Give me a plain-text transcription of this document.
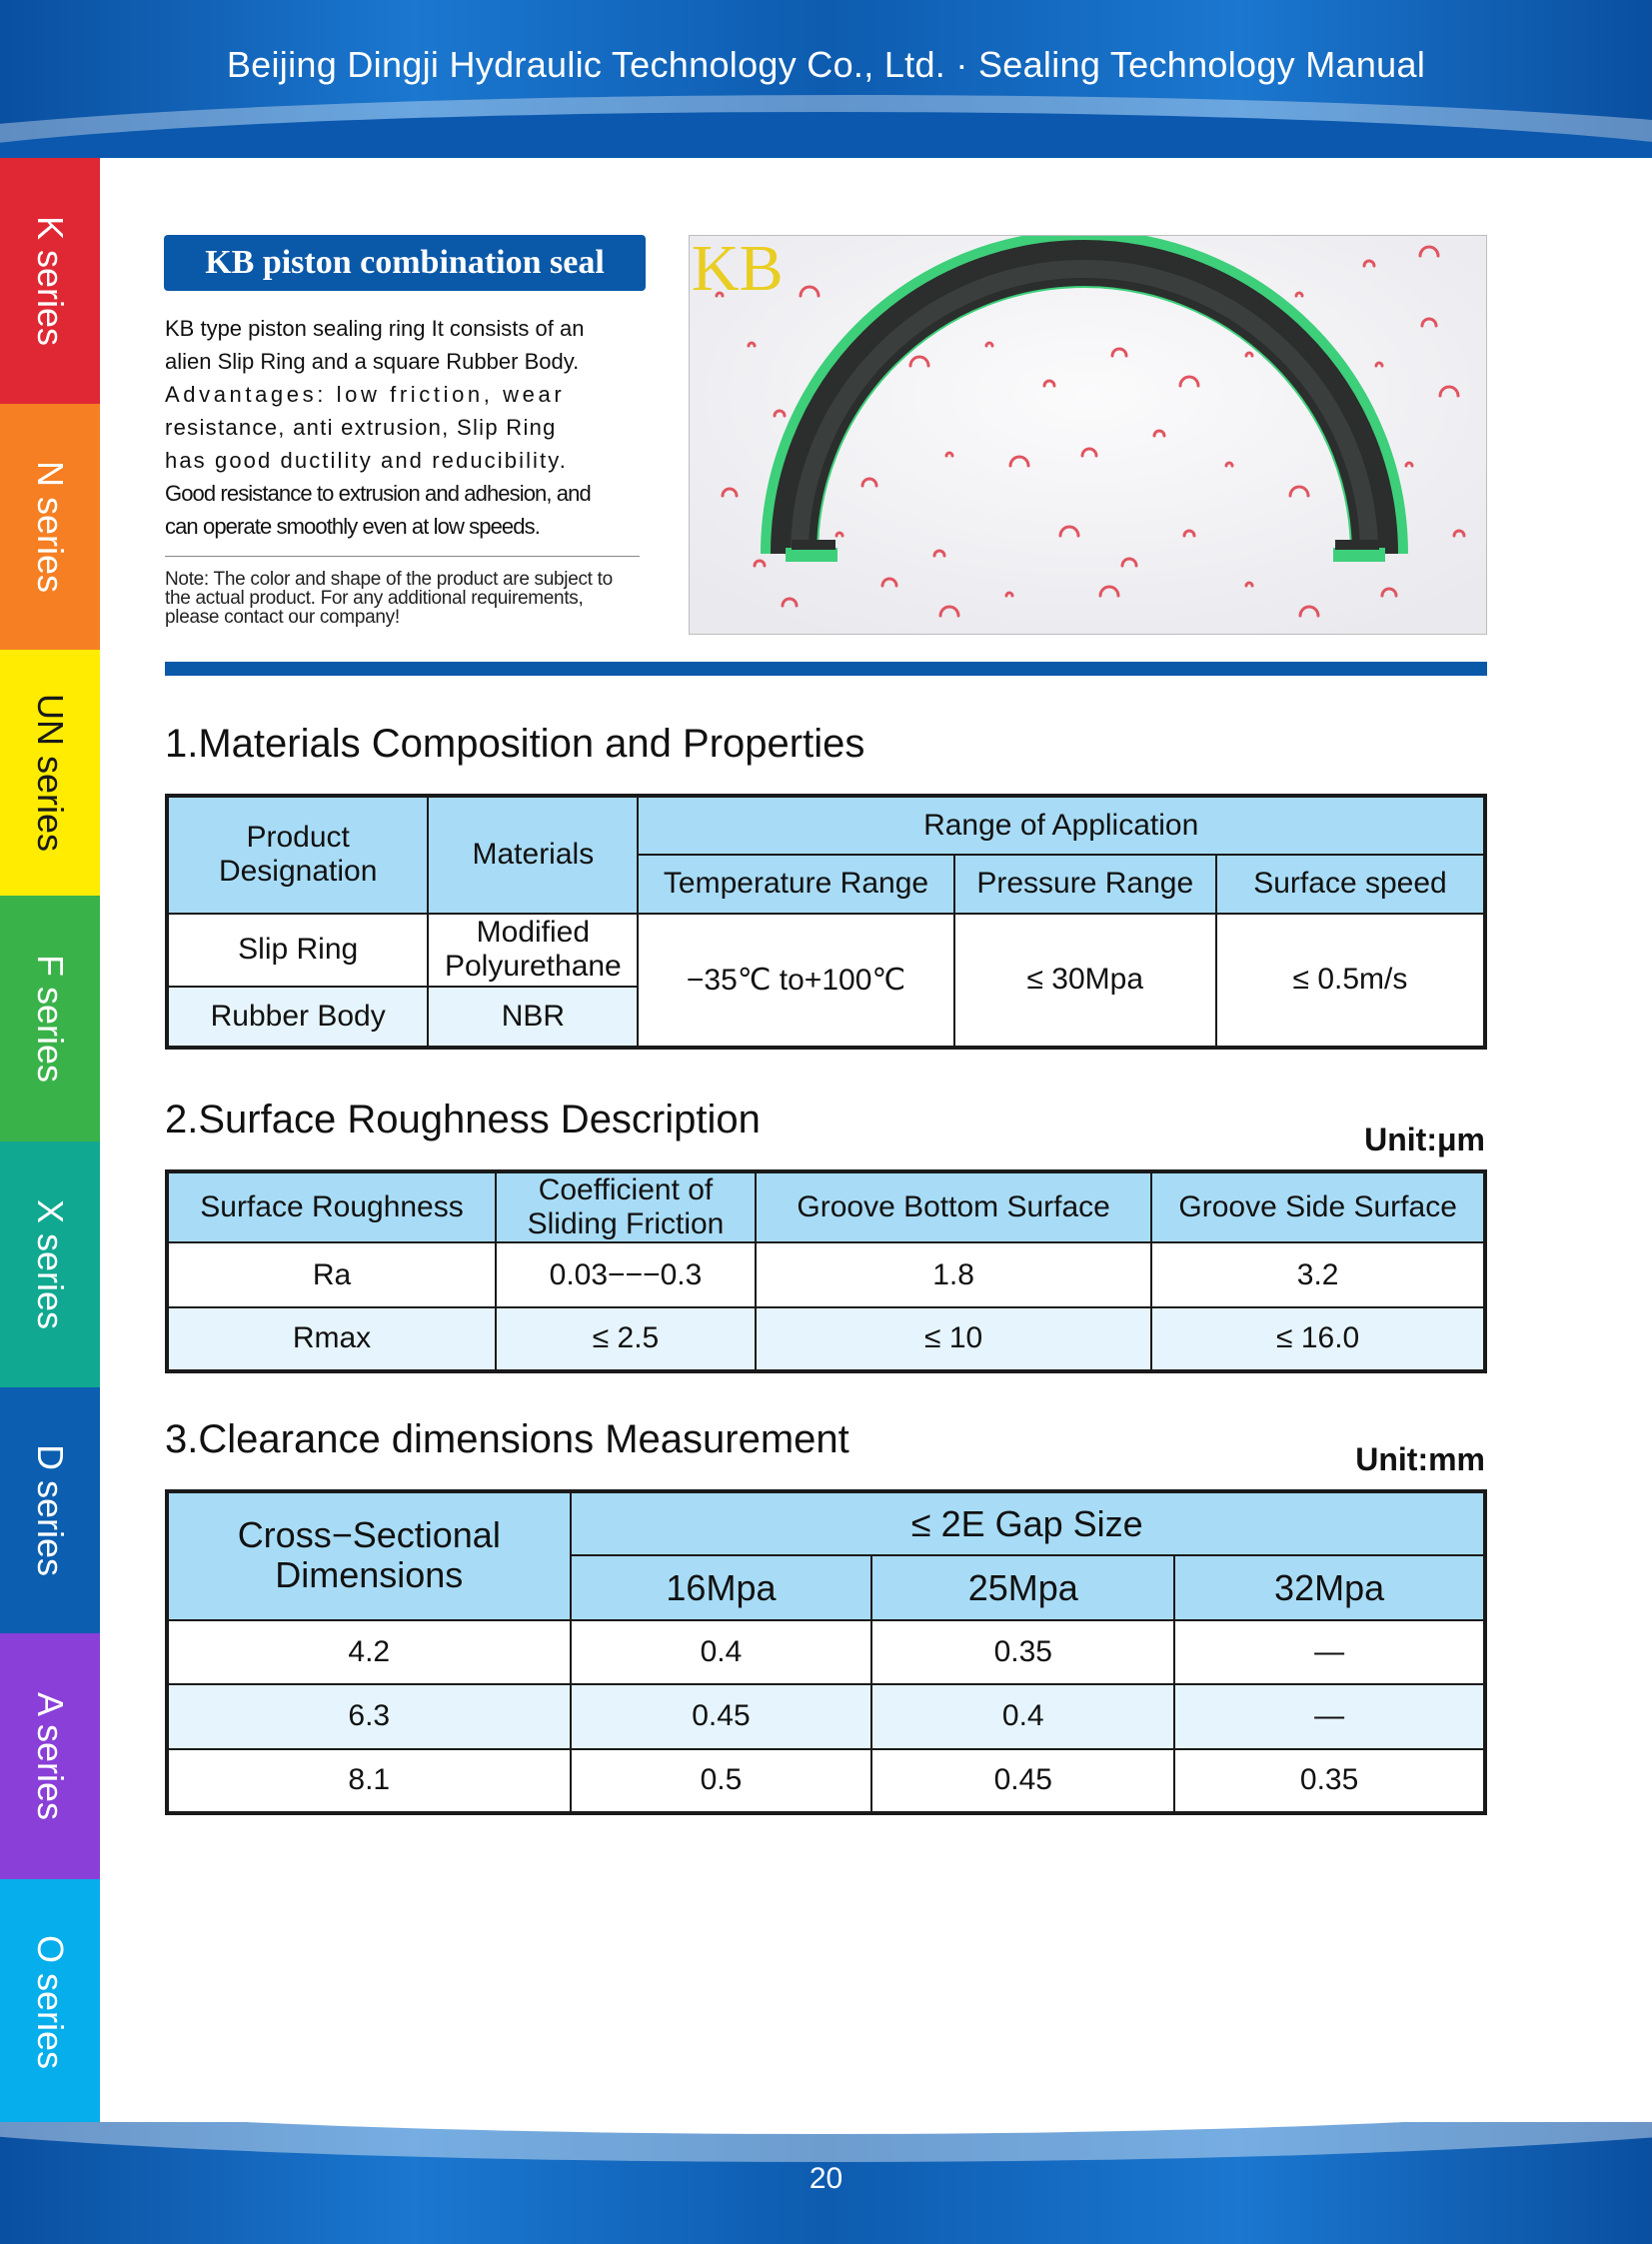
Beijing Dingji Hydraulic Technology Co., Ltd. · Sealing Technology Manual
K series
N series
UN series
F series
X series
D series
A series
O series
KB piston combination seal

KB type piston sealing ring It consists of an

alien Slip Ring and a square Rubber Body.

Advantages: low friction, wear

resistance, anti extrusion, Slip Ring

has good ductility and reducibility.

Good resistance to extrusion and adhesion, and

can operate smoothly even at low speeds.

Note: The color and shape of the product are subject to the actual product. For any additional requirements, please contact our company!
KB
1.Materials Composition and Properties
Product Designation	Materials	Range of Application		
		Temperature Range	Pressure Range	Surface speed
Slip Ring	Modified Polyurethane	−35℃ to+100℃	≤ 30Mpa	≤ 0.5m/s
Rubber Body	NBR			
2.Surface Roughness Description	Unit:μm
Surface Roughness	Coefficient of Sliding Friction	Groove Bottom Surface	Groove Side Surface
Ra	0.03−−−0.3	1.8	3.2
Rmax	≤ 2.5	≤ 10	≤ 16.0
3.Clearance dimensions Measurement	Unit:mm
Cross−Sectional Dimensions	≤ 2E Gap Size		
	16Mpa	25Mpa	32Mpa
4.2	0.4	0.35	—
6.3	0.45	0.4	—
8.1	0.5	0.45	0.35
20
